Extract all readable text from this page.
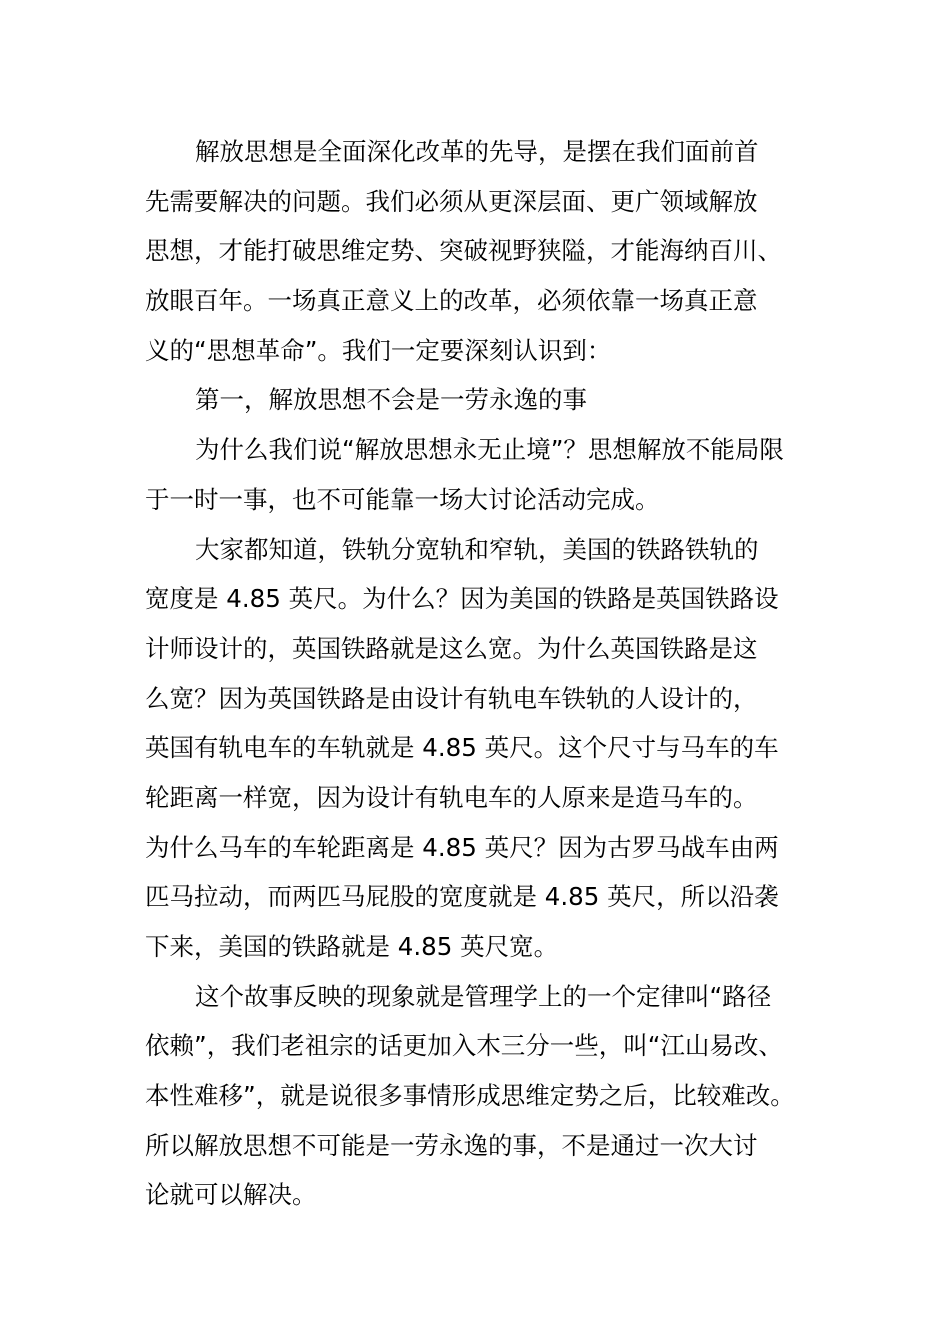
解放思想是全面深化改革的先导，是摆在我们面前首
先需要解决的问题。我们必须从更深层面、更广领域解放
思想，才能打破思维定势、突破视野狭隘，才能海纳百川、
放眼百年。一场真正意义上的改革，必须依靠一场真正意
义的“思想革命”。我们一定要深刻认识到：
第一，解放思想不会是一劳永逸的事
为什么我们说“解放思想永无止境”？思想解放不能局限
于一时一事，也不可能靠一场大讨论活动完成。
大家都知道，铁轨分宽轨和窄轨，美国的铁路铁轨的
宽度是 4.85 英尺。为什么？因为美国的铁路是英国铁路设
计师设计的，英国铁路就是这么宽。为什么英国铁路是这
么宽？因为英国铁路是由设计有轨电车铁轨的人设计的，
英国有轨电车的车轨就是 4.85 英尺。这个尺寸与马车的车
轮距离一样宽，因为设计有轨电车的人原来是造马车的。
为什么马车的车轮距离是 4.85 英尺？因为古罗马战车由两
匹马拉动，而两匹马屁股的宽度就是 4.85 英尺，所以沿袭
下来，美国的铁路就是 4.85 英尺宽。
这个故事反映的现象就是管理学上的一个定律叫“路径
依赖”，我们老祖宗的话更加入木三分一些，叫“江山易改、
本性难移”，就是说很多事情形成思维定势之后，比较难改。
所以解放思想不可能是一劳永逸的事，不是通过一次大讨
论就可以解决。
